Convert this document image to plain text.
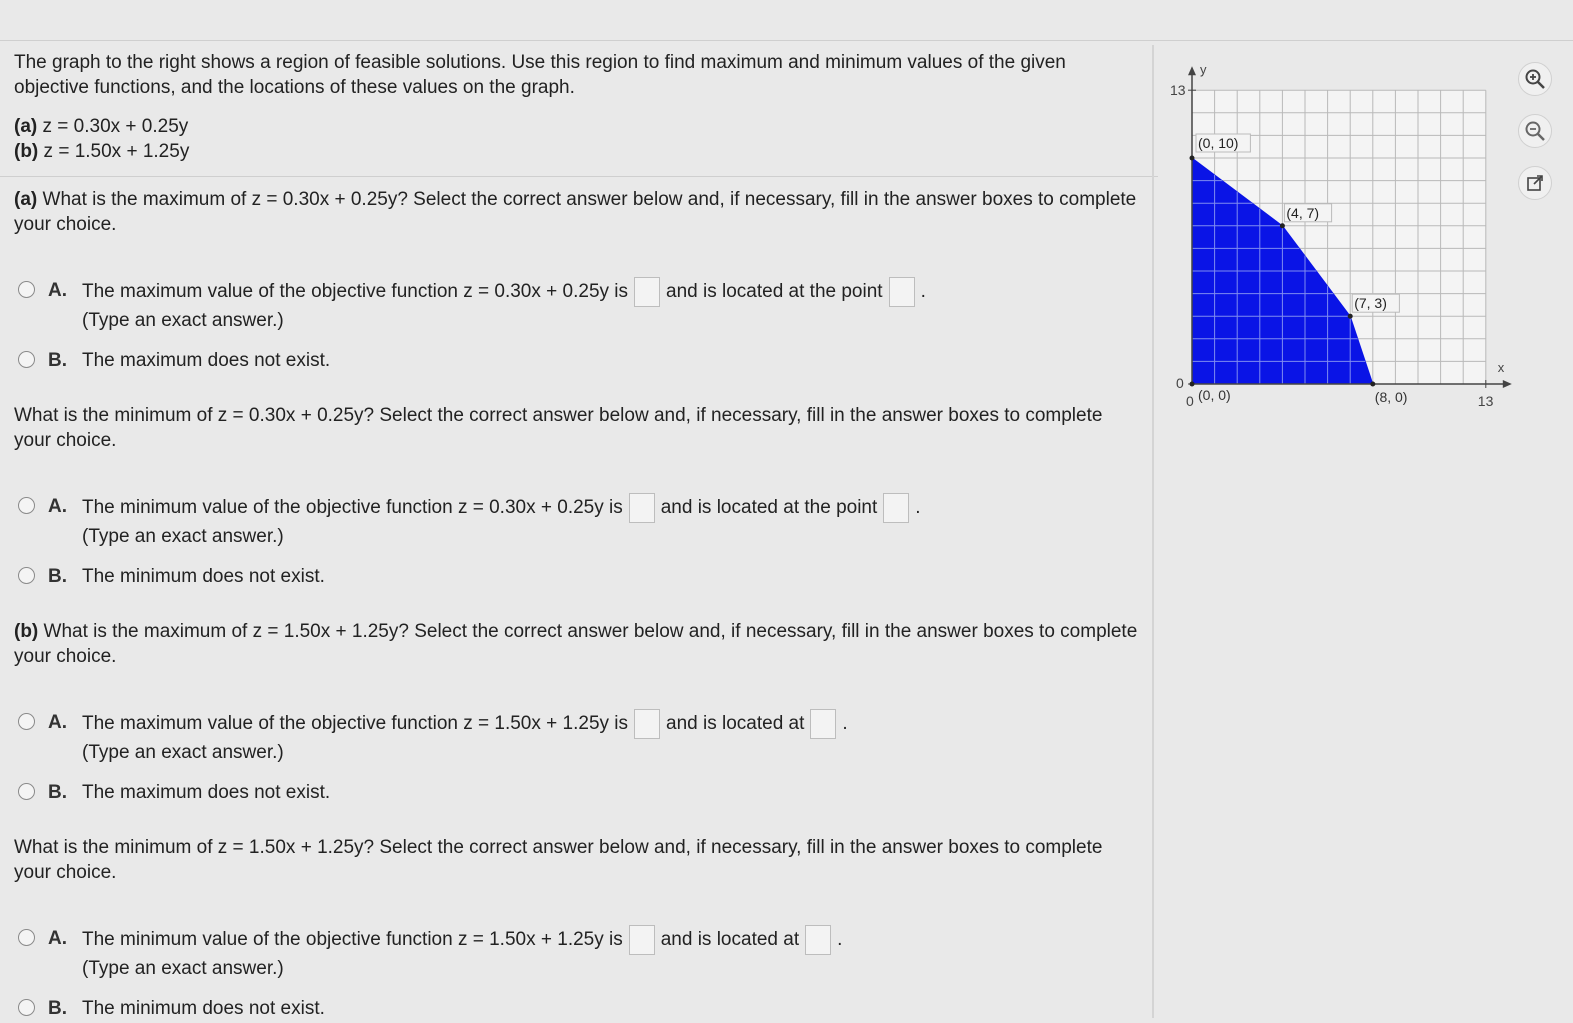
The graph to the right shows a region of feasible solutions. Use this region to find maximum and minimum values of the given objective functions, and the locations of these values on the graph.
(a) z = 0.30x + 0.25y
(b) z = 1.50x + 1.25y
(a) What is the maximum of z = 0.30x + 0.25y? Select the correct answer below and, if necessary, fill in the answer boxes to complete your choice.
A. The maximum value of the objective function z = 0.30x + 0.25y is and is located at the point .
(Type an exact answer.)
B. The maximum does not exist.
What is the minimum of z = 0.30x + 0.25y? Select the correct answer below and, if necessary, fill in the answer boxes to complete your choice.
A. The minimum value of the objective function z = 0.30x + 0.25y is and is located at the point .
(Type an exact answer.)
B. The minimum does not exist.
(b) What is the maximum of z = 1.50x + 1.25y? Select the correct answer below and, if necessary, fill in the answer boxes to complete your choice.
A. The maximum value of the objective function z = 1.50x + 1.25y is and is located at .
(Type an exact answer.)
B. The maximum does not exist.
What is the minimum of z = 1.50x + 1.25y? Select the correct answer below and, if necessary, fill in the answer boxes to complete your choice.
A. The minimum value of the objective function z = 1.50x + 1.25y is and is located at .
(Type an exact answer.)
B. The minimum does not exist.
x
y
13
13
0
0 (0, 0)
(0, 10)
(4, 7)
(7, 3)
(8, 0)
